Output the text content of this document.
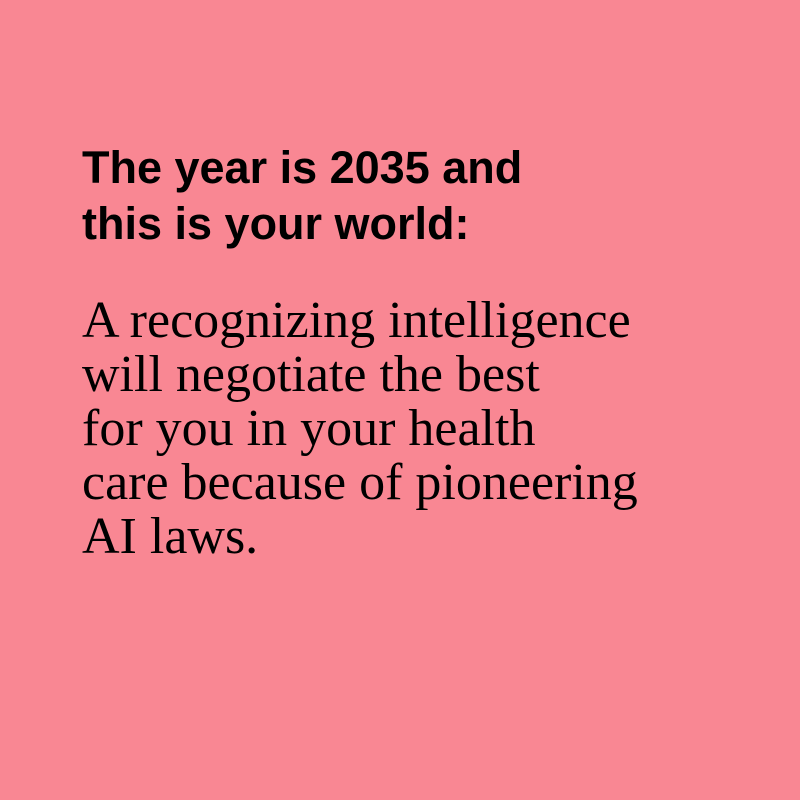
The year is 2035 and
this is your world:

A recognizing intelligence
will negotiate the best
for you in your health
care because of pioneering
AI laws.
